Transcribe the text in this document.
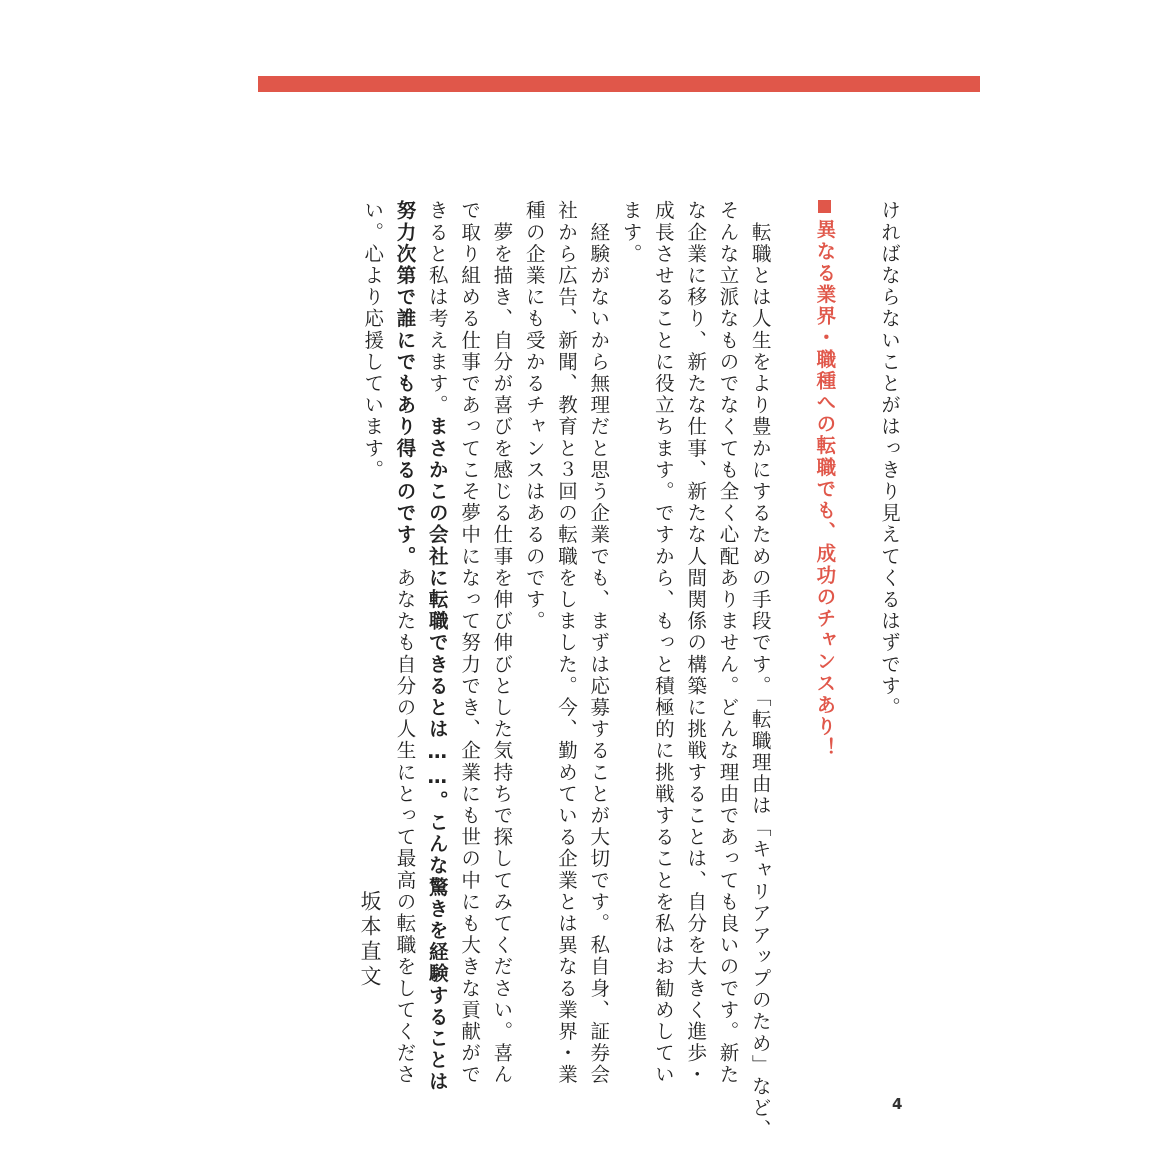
ければならないことがはっきり見えてくるはずです。
異なる業界・職種への転職でも、成功のチャンスあり！
　転職とは人生をより豊かにするための手段です。「転職理由は「キャリアアップのため」など、
そんな立派なものでなくても全く心配ありません。どんな理由であっても良いのです。新た
な企業に移り、新たな仕事、新たな人間関係の構築に挑戦することは、自分を大きく進歩・
成長させることに役立ちます。ですから、もっと積極的に挑戦することを私はお勧めしてい
ます。
　経験がないから無理だと思う企業でも、まずは応募することが大切です。私自身、証券会
社から広告、新聞、教育と３回の転職をしました。今、勤めている企業とは異なる業界・業
種の企業にも受かるチャンスはあるのです。
　夢を描き、自分が喜びを感じる仕事を伸び伸びとした気持ちで探してみてください。喜ん
で取り組める仕事であってこそ夢中になって努力でき、企業にも世の中にも大きな貢献がで
きると私は考えます。まさかこの会社に転職できるとは……。こんな驚きを経験することは
努力次第で誰にでもあり得るのです。あなたも自分の人生にとって最高の転職をしてくださ
い。心より応援しています。
坂本直文
4
